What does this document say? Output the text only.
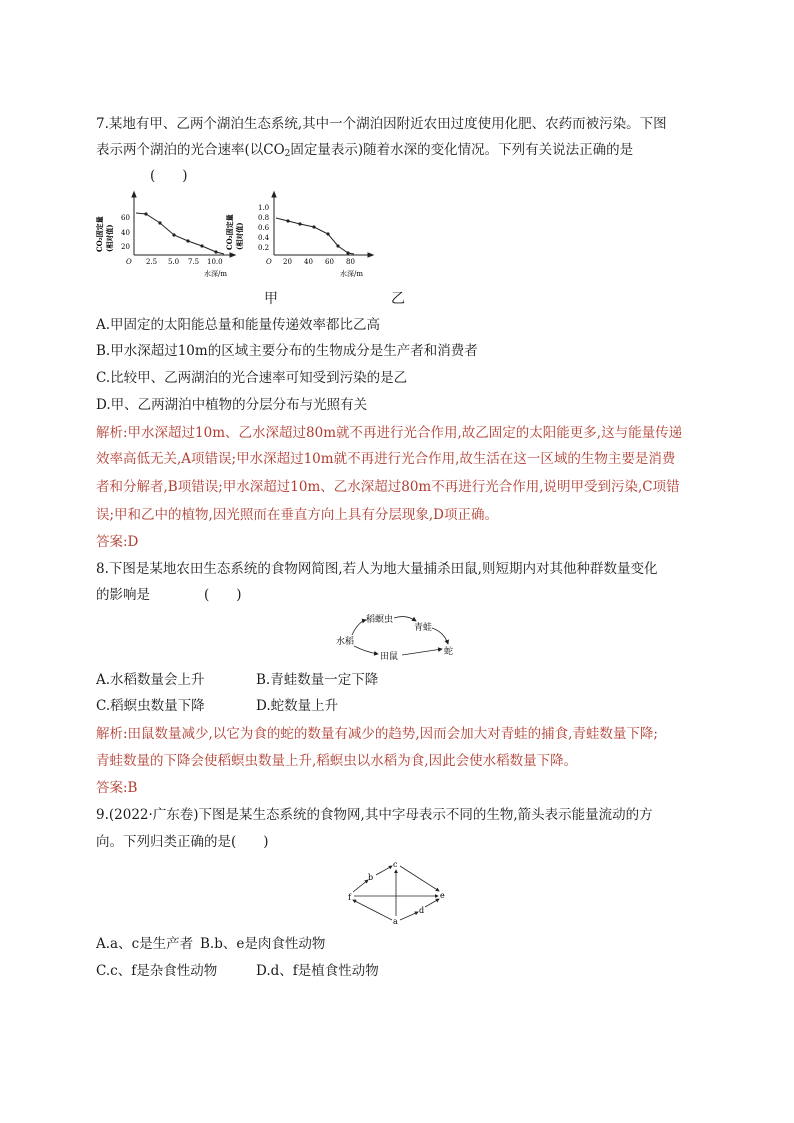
7.某地有甲、乙两个湖泊生态系统,其中一个湖泊因附近农田过度使用化肥、农药而被污染。下图

表示两个湖泊的光合速率(以$CO_2$固定量表示)随着水深的变化情况。下列有关说法正确的是

(　　)

CO₂固定量 (相对值)
60
40
20
O 2.5 5.0 7.5 10.0
水深/m
CO₂固定量 (相对值)
1.0
0.8
0.6
0.4
0.2
O 20 40 60 80
水深/m
甲	乙

A.甲固定的太阳能总量和能量传递效率都比乙高

B.甲水深超过10m的区域主要分布的生物成分是生产者和消费者

C.比较甲、乙两湖泊的光合速率可知受到污染的是乙

D.甲、乙两湖泊中植物的分层分布与光照有关

解析:甲水深超过10m、乙水深超过80m就不再进行光合作用,故乙固定的太阳能更多,这与能量传递

效率高低无关,A项错误;甲水深超过10m就不再进行光合作用,故生活在这一区域的生物主要是消费

者和分解者,B项错误;甲水深超过10m、乙水深超过80m不再进行光合作用,说明甲受到污染,C项错

误;甲和乙中的植物,因光照而在垂直方向上具有分层现象,D项正确。

答案:D

8.下图是某地农田生态系统的食物网简图,若人为地大量捕杀田鼠,则短期内对其他种群数量变化

的影响是	(　　)

稻螟虫
青蛙
水稻
田鼠	蛇
A.水稻数量会上升	B.青蛙数量一定下降
C.稻螟虫数量下降	D.蛇数量上升

解析:田鼠数量减少,以它为食的蛇的数量有减少的趋势,因而会加大对青蛙的捕食,青蛙数量下降;

青蛙数量的下降会使稻螟虫数量上升,稻螟虫以水稻为食,因此会使水稻数量下降。

答案:B

9.(2022·广东卷)下图是某生态系统的食物网,其中字母表示不同的生物,箭头表示能量流动的方

向。下列归类正确的是(　　)

c
b
f	e
a
d
A.a、c是生产者 B.b、e是肉食性动物
C.c、f是杂食性动物	D.d、f是植食性动物
